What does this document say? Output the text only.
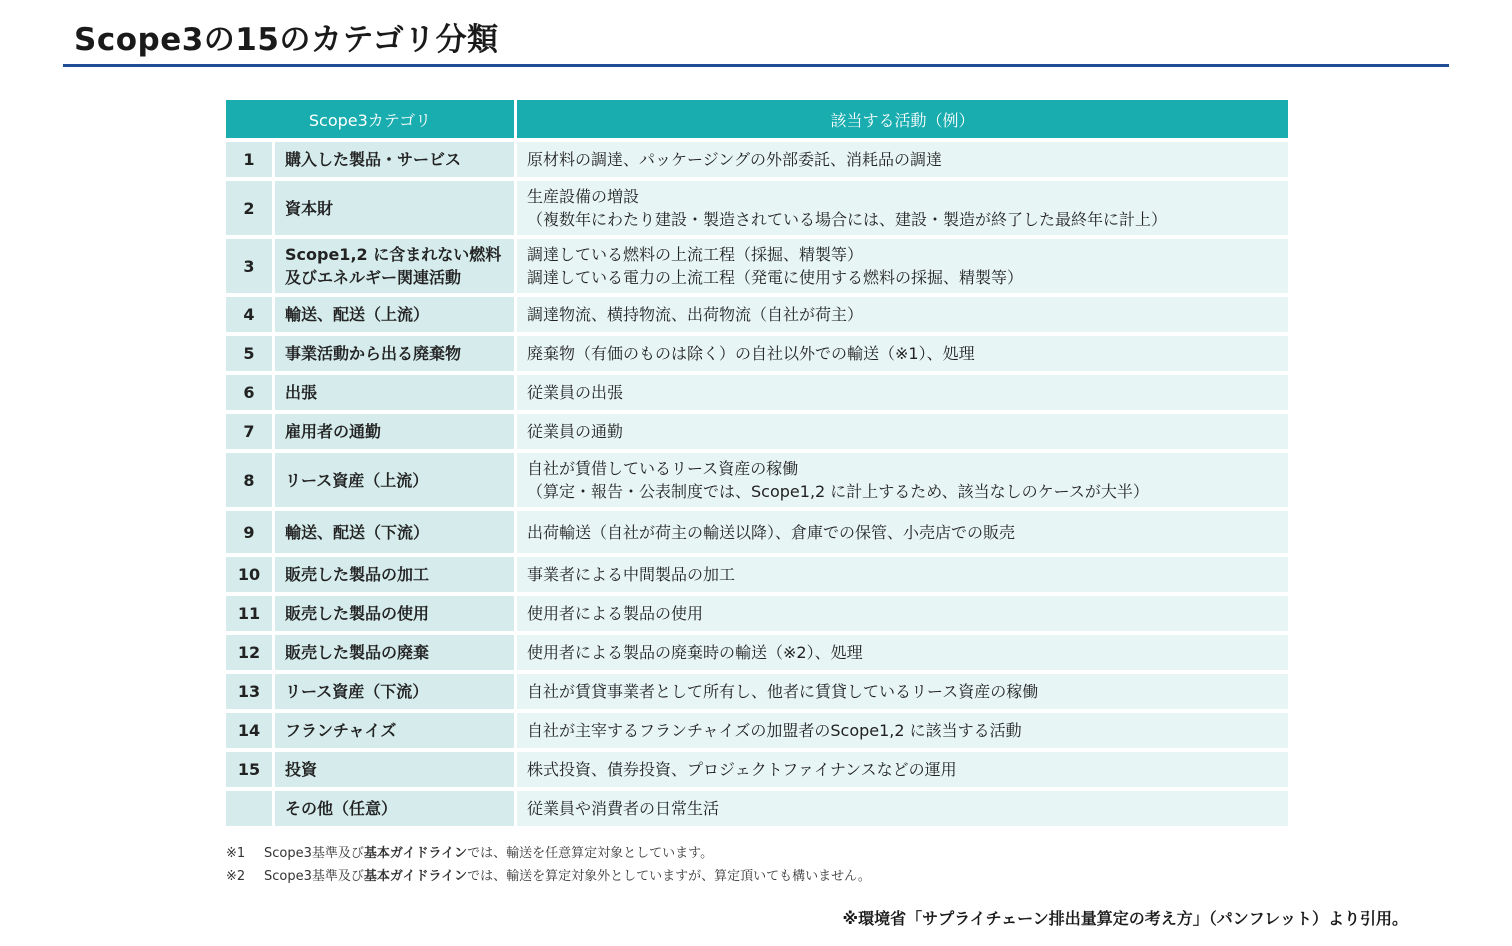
Scope3の15のカテゴリ分類
Scope3カテゴリ		該当する活動（例）
1	購入した製品・サービス	原材料の調達、パッケージングの外部委託、消耗品の調達

2	資本財	生産設備の増設
（複数年にわたり建設・製造されている場合には、建設・製造が終了した最終年に計上）

3	Scope1,2 に含まれない燃料
及びエネルギー関連活動	調達している燃料の上流工程（採掘、精製等）
調達している電力の上流工程（発電に使用する燃料の採掘、精製等）

4	輸送、配送（上流）	調達物流、横持物流、出荷物流（自社が荷主）

5	事業活動から出る廃棄物	廃棄物（有価のものは除く）の自社以外での輸送（※1）、処理

6	出張	従業員の出張

7	雇用者の通勤	従業員の通勤

8	リース資産（上流）	自社が賃借しているリース資産の稼働
（算定・報告・公表制度では、Scope1,2 に計上するため、該当なしのケースが大半）

9	輸送、配送（下流）	出荷輸送（自社が荷主の輸送以降）、倉庫での保管、小売店での販売

10	販売した製品の加工	事業者による中間製品の加工

11	販売した製品の使用	使用者による製品の使用

12	販売した製品の廃棄	使用者による製品の廃棄時の輸送（※2）、処理

13	リース資産（下流）	自社が賃貸事業者として所有し、他者に賃貸しているリース資産の稼働

14	フランチャイズ	自社が主宰するフランチャイズの加盟者のScope1,2 に該当する活動

15	投資	株式投資、債券投資、プロジェクトファイナンスなどの運用

	その他（任意）	従業員や消費者の日常生活
※1 Scope3基準及び基本ガイドラインでは、輸送を任意算定対象としています。
※2 Scope3基準及び基本ガイドラインでは、輸送を算定対象外としていますが、算定頂いても構いません。
※環境省「サプライチェーン排出量算定の考え方」（パンフレット）より引用。
